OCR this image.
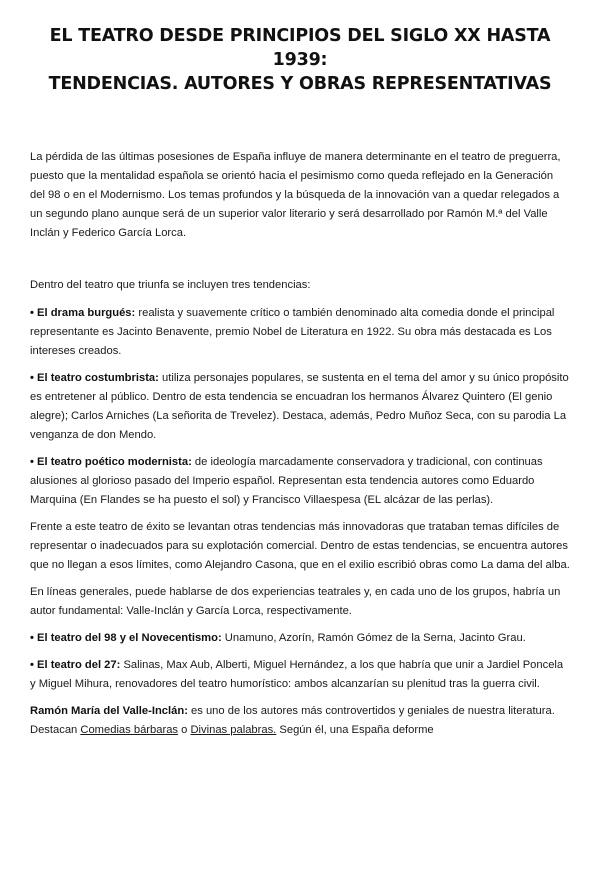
EL TEATRO DESDE PRINCIPIOS DEL SIGLO XX HASTA 1939:
TENDENCIAS. AUTORES Y OBRAS REPRESENTATIVAS

La pérdida de las últimas posesiones de España influye de manera determinante en el teatro de preguerra, puesto que la mentalidad española se orientó hacia el pesimismo como queda reflejado en la Generación del 98 o en el Modernismo. Los temas profundos y la búsqueda de la innovación van a quedar relegados a un segundo plano aunque será de un superior valor literario y será desarrollado por Ramón M.ª del Valle Inclán y Federico García Lorca.

Dentro del teatro que triunfa se incluyen tres tendencias:

• El drama burgués: realista y suavemente crítico o también denominado alta comedia donde el principal representante es Jacinto Benavente, premio Nobel de Literatura en 1922. Su obra más destacada es Los intereses creados.

• El teatro costumbrista: utiliza personajes populares, se sustenta en el tema del amor y su único propósito es entretener al público. Dentro de esta tendencia se encuadran los hermanos Álvarez Quintero (El genio alegre); Carlos Arniches (La señorita de Trevelez). Destaca, además, Pedro Muñoz Seca, con su parodia La venganza de don Mendo.

• El teatro poético modernista: de ideología marcadamente conservadora y tradicional, con continuas alusiones al glorioso pasado del Imperio español. Representan esta tendencia autores como Eduardo Marquina (En Flandes se ha puesto el sol) y Francisco Villaespesa (EL alcázar de las perlas).

Frente a este teatro de éxito se levantan otras tendencias más innovadoras que trataban temas difíciles de representar o inadecuados para su explotación comercial. Dentro de estas tendencias, se encuentra autores que no llegan a esos límites, como Alejandro Casona, que en el exilio escribió obras como La dama del alba.

En líneas generales, puede hablarse de dos experiencias teatrales y, en cada uno de los grupos, habría un autor fundamental: Valle-Inclán y García Lorca, respectivamente.

• El teatro del 98 y el Novecentismo: Unamuno, Azorín, Ramón Gómez de la Serna, Jacinto Grau.

• El teatro del 27: Salinas, Max Aub, Alberti, Miguel Hernández, a los que habría que unir a Jardiel Poncela y Miguel Mihura, renovadores del teatro humorístico: ambos alcanzarían su plenitud tras la guerra civil.

Ramón María del Valle-Inclán: es uno de los autores más controvertidos y geniales de nuestra literatura. Destacan Comedias bárbaras o Divinas palabras. Según él, una España deforme
